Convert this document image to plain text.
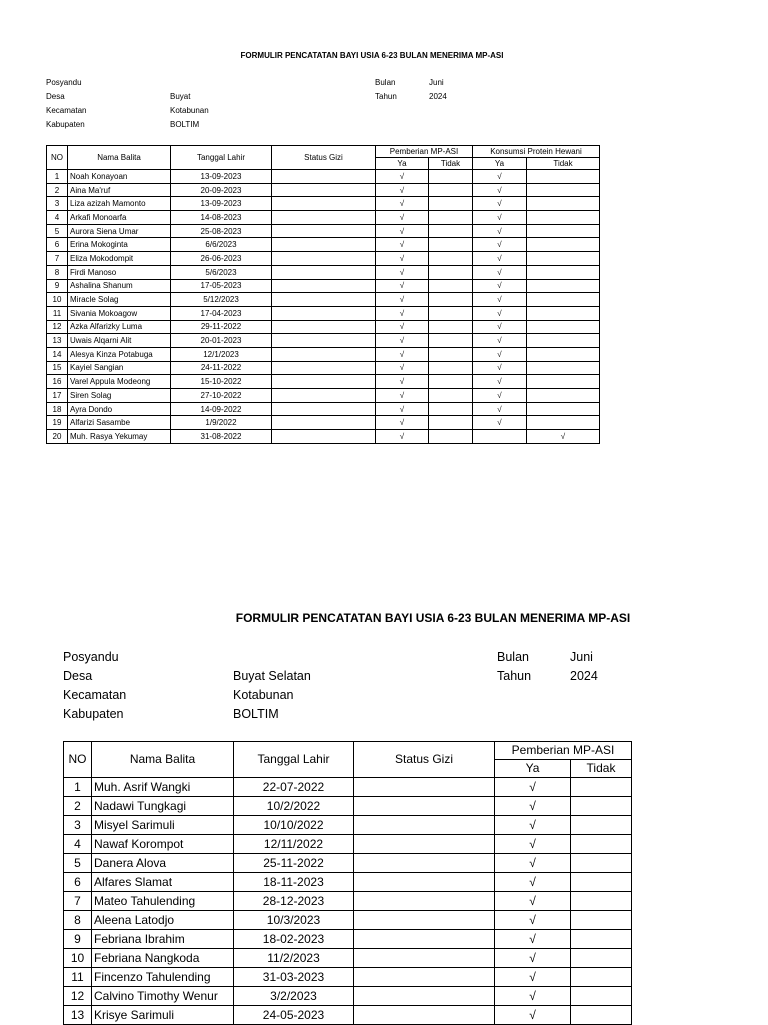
FORMULIR PENCATATAN BAYI USIA 6-23 BULAN MENERIMA MP-ASI
Posyandu
Desa	Buyat
Kecamatan	Kotabunan
Kabupaten	BOLTIM
Bulan	Juni
Tahun	2024
NO	Nama Balita	Tanggal Lahir	Status Gizi	Pemberian MP-ASI		Konsumsi Protein Hewani	
				Ya	Tidak	Ya	Tidak
1	Noah Konayoan	13-09-2023		√		√	
2	Aina Ma'ruf	20-09-2023		√		√	
3	Liza azizah Mamonto	13-09-2023		√		√	
4	Arkafi Monoarfa	14-08-2023		√		√	
5	Aurora Siena Umar	25-08-2023		√		√	
6	Erina Mokoginta	6/6/2023		√		√	
7	Eliza Mokodompit	26-06-2023		√		√	
8	Firdi Manoso	5/6/2023		√		√	
9	Ashalina Shanum	17-05-2023		√		√	
10	Miracle Solag	5/12/2023		√		√	
11	Sivania Mokoagow	17-04-2023		√		√	
12	Azka Alfarizky Luma	29-11-2022		√		√	
13	Uwais Alqarni Alit	20-01-2023		√		√	
14	Alesya Kinza Potabuga	12/1/2023		√		√	
15	Kayiel Sangian	24-11-2022		√		√	
16	Varel Appula Modeong	15-10-2022		√		√	
17	Siren Solag	27-10-2022		√		√	
18	Ayra Dondo	14-09-2022		√		√	
19	Alfarizi Sasambe	1/9/2022		√		√	
20	Muh. Rasya Yekumay	31-08-2022		√			√
FORMULIR PENCATATAN BAYI USIA 6-23 BULAN MENERIMA MP-ASI
Posyandu
Desa	Buyat Selatan
Kecamatan	Kotabunan
Kabupaten	BOLTIM
Bulan	Juni
Tahun	2024
NO	Nama Balita	Tanggal Lahir	Status Gizi	Pemberian MP-ASI	
				Ya	Tidak
1	Muh. Asrif Wangki	22-07-2022		√	
2	Nadawi Tungkagi	10/2/2022		√	
3	Misyel Sarimuli	10/10/2022		√	
4	Nawaf Korompot	12/11/2022		√	
5	Danera Alova	25-11-2022		√	
6	Alfares Slamat	18-11-2023		√	
7	Mateo Tahulending	28-12-2023		√	
8	Aleena Latodjo	10/3/2023		√	
9	Febriana Ibrahim	18-02-2023		√	
10	Febriana Nangkoda	11/2/2023		√	
11	Fincenzo Tahulending	31-03-2023		√	
12	Calvino Timothy Wenur	3/2/2023		√	
13	Krisye Sarimuli	24-05-2023		√	
